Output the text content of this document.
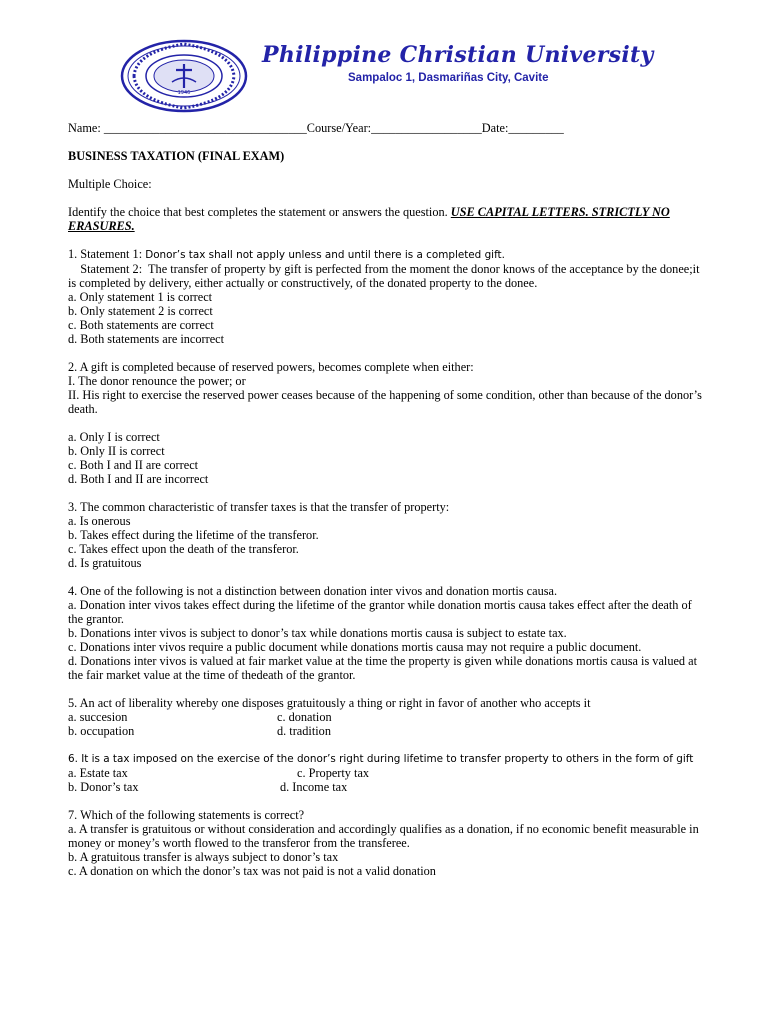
1946
Philippine Christian University
Sampaloc 1, Dasmariñas City, Cavite
Name: _________________________________Course/Year:__________________Date:_________
BUSINESS TAXATION (FINAL EXAM)
Multiple Choice:
Identify the choice that best completes the statement or answers the question. USE CAPITAL LETTERS. STRICTLY NO ERASURES.
1. Statement 1: Donor’s tax shall not apply unless and until there is a completed gift.
Statement 2:  The transfer of property by gift is perfected from the moment the donor knows of the acceptance by the donee;it is completed by delivery, either actually or constructively, of the donated property to the donee.
a. Only statement 1 is correct
b. Only statement 2 is correct
c. Both statements are correct
d. Both statements are incorrect
2. A gift is completed because of reserved powers, becomes complete when either:
I. The donor renounce the power; or
II. His right to exercise the reserved power ceases because of the happening of some condition, other than because of the donor’s death.
a. Only I is correct
b. Only II is correct
c. Both I and II are correct
d. Both I and II are incorrect
3. The common characteristic of transfer taxes is that the transfer of property:
a. Is onerous
b. Takes effect during the lifetime of the transferor.
c. Takes effect upon the death of the transferor.
d. Is gratuitous
4. One of the following is not a distinction between donation inter vivos and donation mortis causa.
a. Donation inter vivos takes effect during the lifetime of the grantor while donation mortis causa takes effect after the death of the grantor.
b. Donations inter vivos is subject to donor’s tax while donations mortis causa is subject to estate tax.
c. Donations inter vivos require a public document while donations mortis causa may not require a public document.
d. Donations inter vivos is valued at fair market value at the time the property is given while donations mortis causa is valued at the fair market value at the time of thedeath of the grantor.
5. An act of liberality whereby one disposes gratuitously a thing or right in favor of another who accepts it
a. succesion	c. donation
b. occupation	d. tradition
6. It is a tax imposed on the exercise of the donor’s right during lifetime to transfer property to others in the form of gift
a. Estate tax	c. Property tax
b. Donor’s tax	d. Income tax
7. Which of the following statements is correct?
a. A transfer is gratuitous or without consideration and accordingly qualifies as a donation, if no economic benefit measurable in money or money’s worth flowed to the transferor from the transferee.
b. A gratuitous transfer is always subject to donor’s tax
c. A donation on which the donor’s tax was not paid is not a valid donation
